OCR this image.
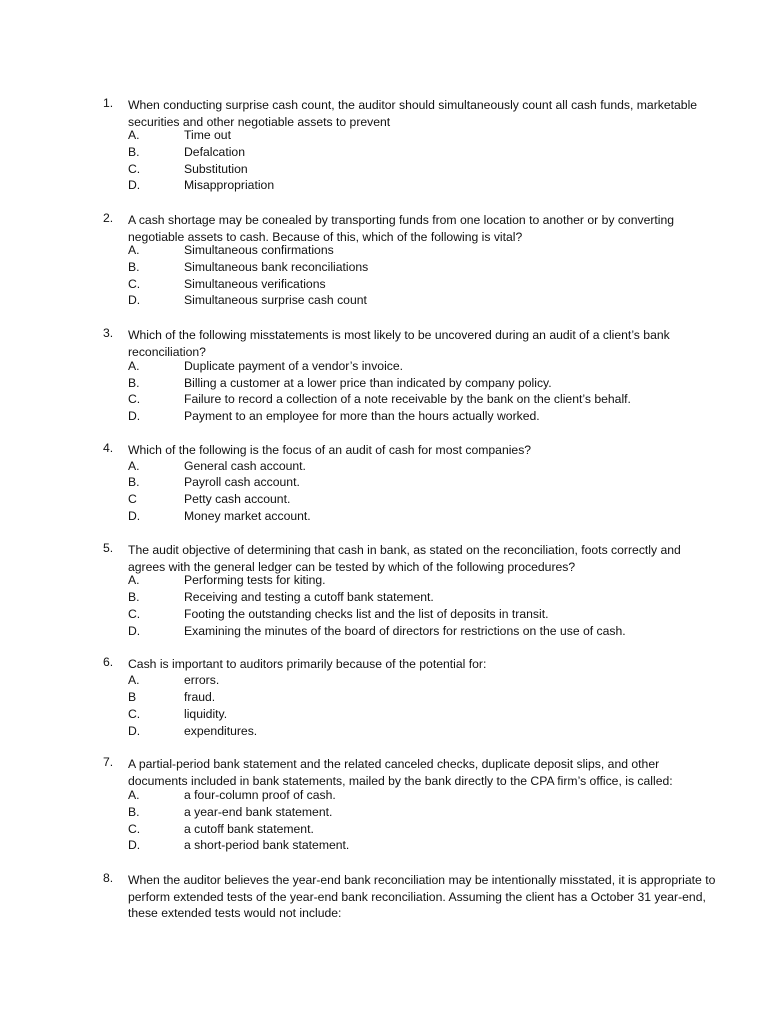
1.	When conducting surprise cash count, the auditor should simultaneously count all cash funds, marketable securities and other negotiable assets to prevent
A.	Time out
B.	Defalcation
C.	Substitution
D.	Misappropriation
2.	A cash shortage may be conealed by transporting funds from one location to another or by converting negotiable assets to cash. Because of this, which of the following is vital?
A.	Simultaneous confirmations
B.	Simultaneous bank reconciliations
C.	Simultaneous verifications
D.	Simultaneous surprise cash count
3.	Which of the following misstatements is most likely to be uncovered during an audit of a client’s bank reconciliation?
A.	Duplicate payment of a vendor’s invoice.
B.	Billing a customer at a lower price than indicated by company policy.
C.	Failure to record a collection of a note receivable by the bank on the client’s behalf.
D.	Payment to an employee for more than the hours actually worked.
4.	Which of the following is the focus of an audit of cash for most companies?
A.	General cash account.
B.	Payroll cash account.
C	Petty cash account.
D.	Money market account.
5.	The audit objective of determining that cash in bank, as stated on the reconciliation, foots correctly and agrees with the general ledger can be tested by which of the following procedures?
A.	Performing tests for kiting.
B.	Receiving and testing a cutoff bank statement.
C.	Footing the outstanding checks list and the list of deposits in transit.
D.	Examining the minutes of the board of directors for restrictions on the use of cash.
6.	Cash is important to auditors primarily because of the potential for:
A.	errors.
B	fraud.
C.	liquidity.
D.	expenditures.
7.	A partial-period bank statement and the related canceled checks, duplicate deposit slips, and other documents included in bank statements, mailed by the bank directly to the CPA firm’s office, is called:
A.	a four-column proof of cash.
B.	a year-end bank statement.
C.	a cutoff bank statement.
D.	a short-period bank statement.
8.	When the auditor believes the year-end bank reconciliation may be intentionally misstated, it is appropriate to perform extended tests of the year-end bank reconciliation. Assuming the client has a October 31 year-end, these extended tests would not include:
